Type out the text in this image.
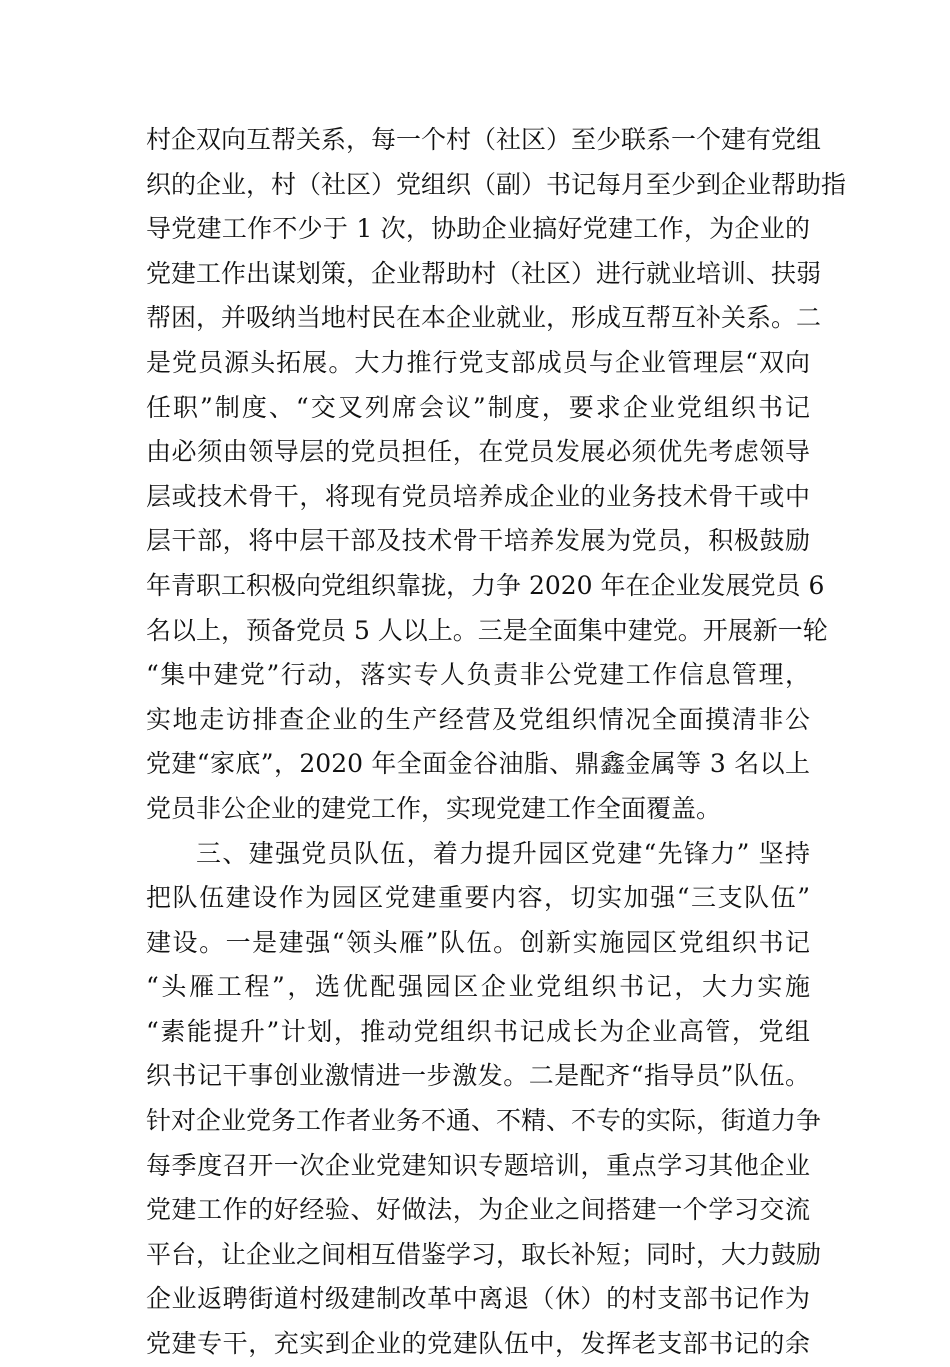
村企双向互帮关系，每一个村（社区）至少联系一个建有党组
织的企业，村（社区）党组织（副）书记每月至少到企业帮助指
导党建工作不少于 1 次，协助企业搞好党建工作，为企业的
党建工作出谋划策，企业帮助村（社区）进行就业培训、扶弱
帮困，并吸纳当地村民在本企业就业，形成互帮互补关系。二
是党员源头拓展。大力推行党支部成员与企业管理层“双向
任职”制度、“交叉列席会议”制度，要求企业党组织书记
由必须由领导层的党员担任，在党员发展必须优先考虑领导
层或技术骨干，将现有党员培养成企业的业务技术骨干或中
层干部，将中层干部及技术骨干培养发展为党员，积极鼓励
年青职工积极向党组织靠拢，力争 2020 年在企业发展党员 6
名以上，预备党员 5 人以上。三是全面集中建党。开展新一轮
“集中建党”行动，落实专人负责非公党建工作信息管理，
实地走访排查企业的生产经营及党组织情况全面摸清非公
党建“家底”，2020 年全面金谷油脂、鼎鑫金属等 3 名以上
党员非公企业的建党工作，实现党建工作全面覆盖。
三、建强党员队伍，着力提升园区党建“先锋力” 坚持
把队伍建设作为园区党建重要内容，切实加强“三支队伍”
建设。一是建强“领头雁”队伍。创新实施园区党组织书记
“头雁工程”，选优配强园区企业党组织书记，大力实施
“素能提升”计划，推动党组织书记成长为企业高管，党组
织书记干事创业激情进一步激发。二是配齐“指导员”队伍。
针对企业党务工作者业务不通、不精、不专的实际，街道力争
每季度召开一次企业党建知识专题培训，重点学习其他企业
党建工作的好经验、好做法，为企业之间搭建一个学习交流
平台，让企业之间相互借鉴学习，取长补短；同时，大力鼓励
企业返聘街道村级建制改革中离退（休）的村支部书记作为
党建专干，充实到企业的党建队伍中，发挥老支部书记的余
